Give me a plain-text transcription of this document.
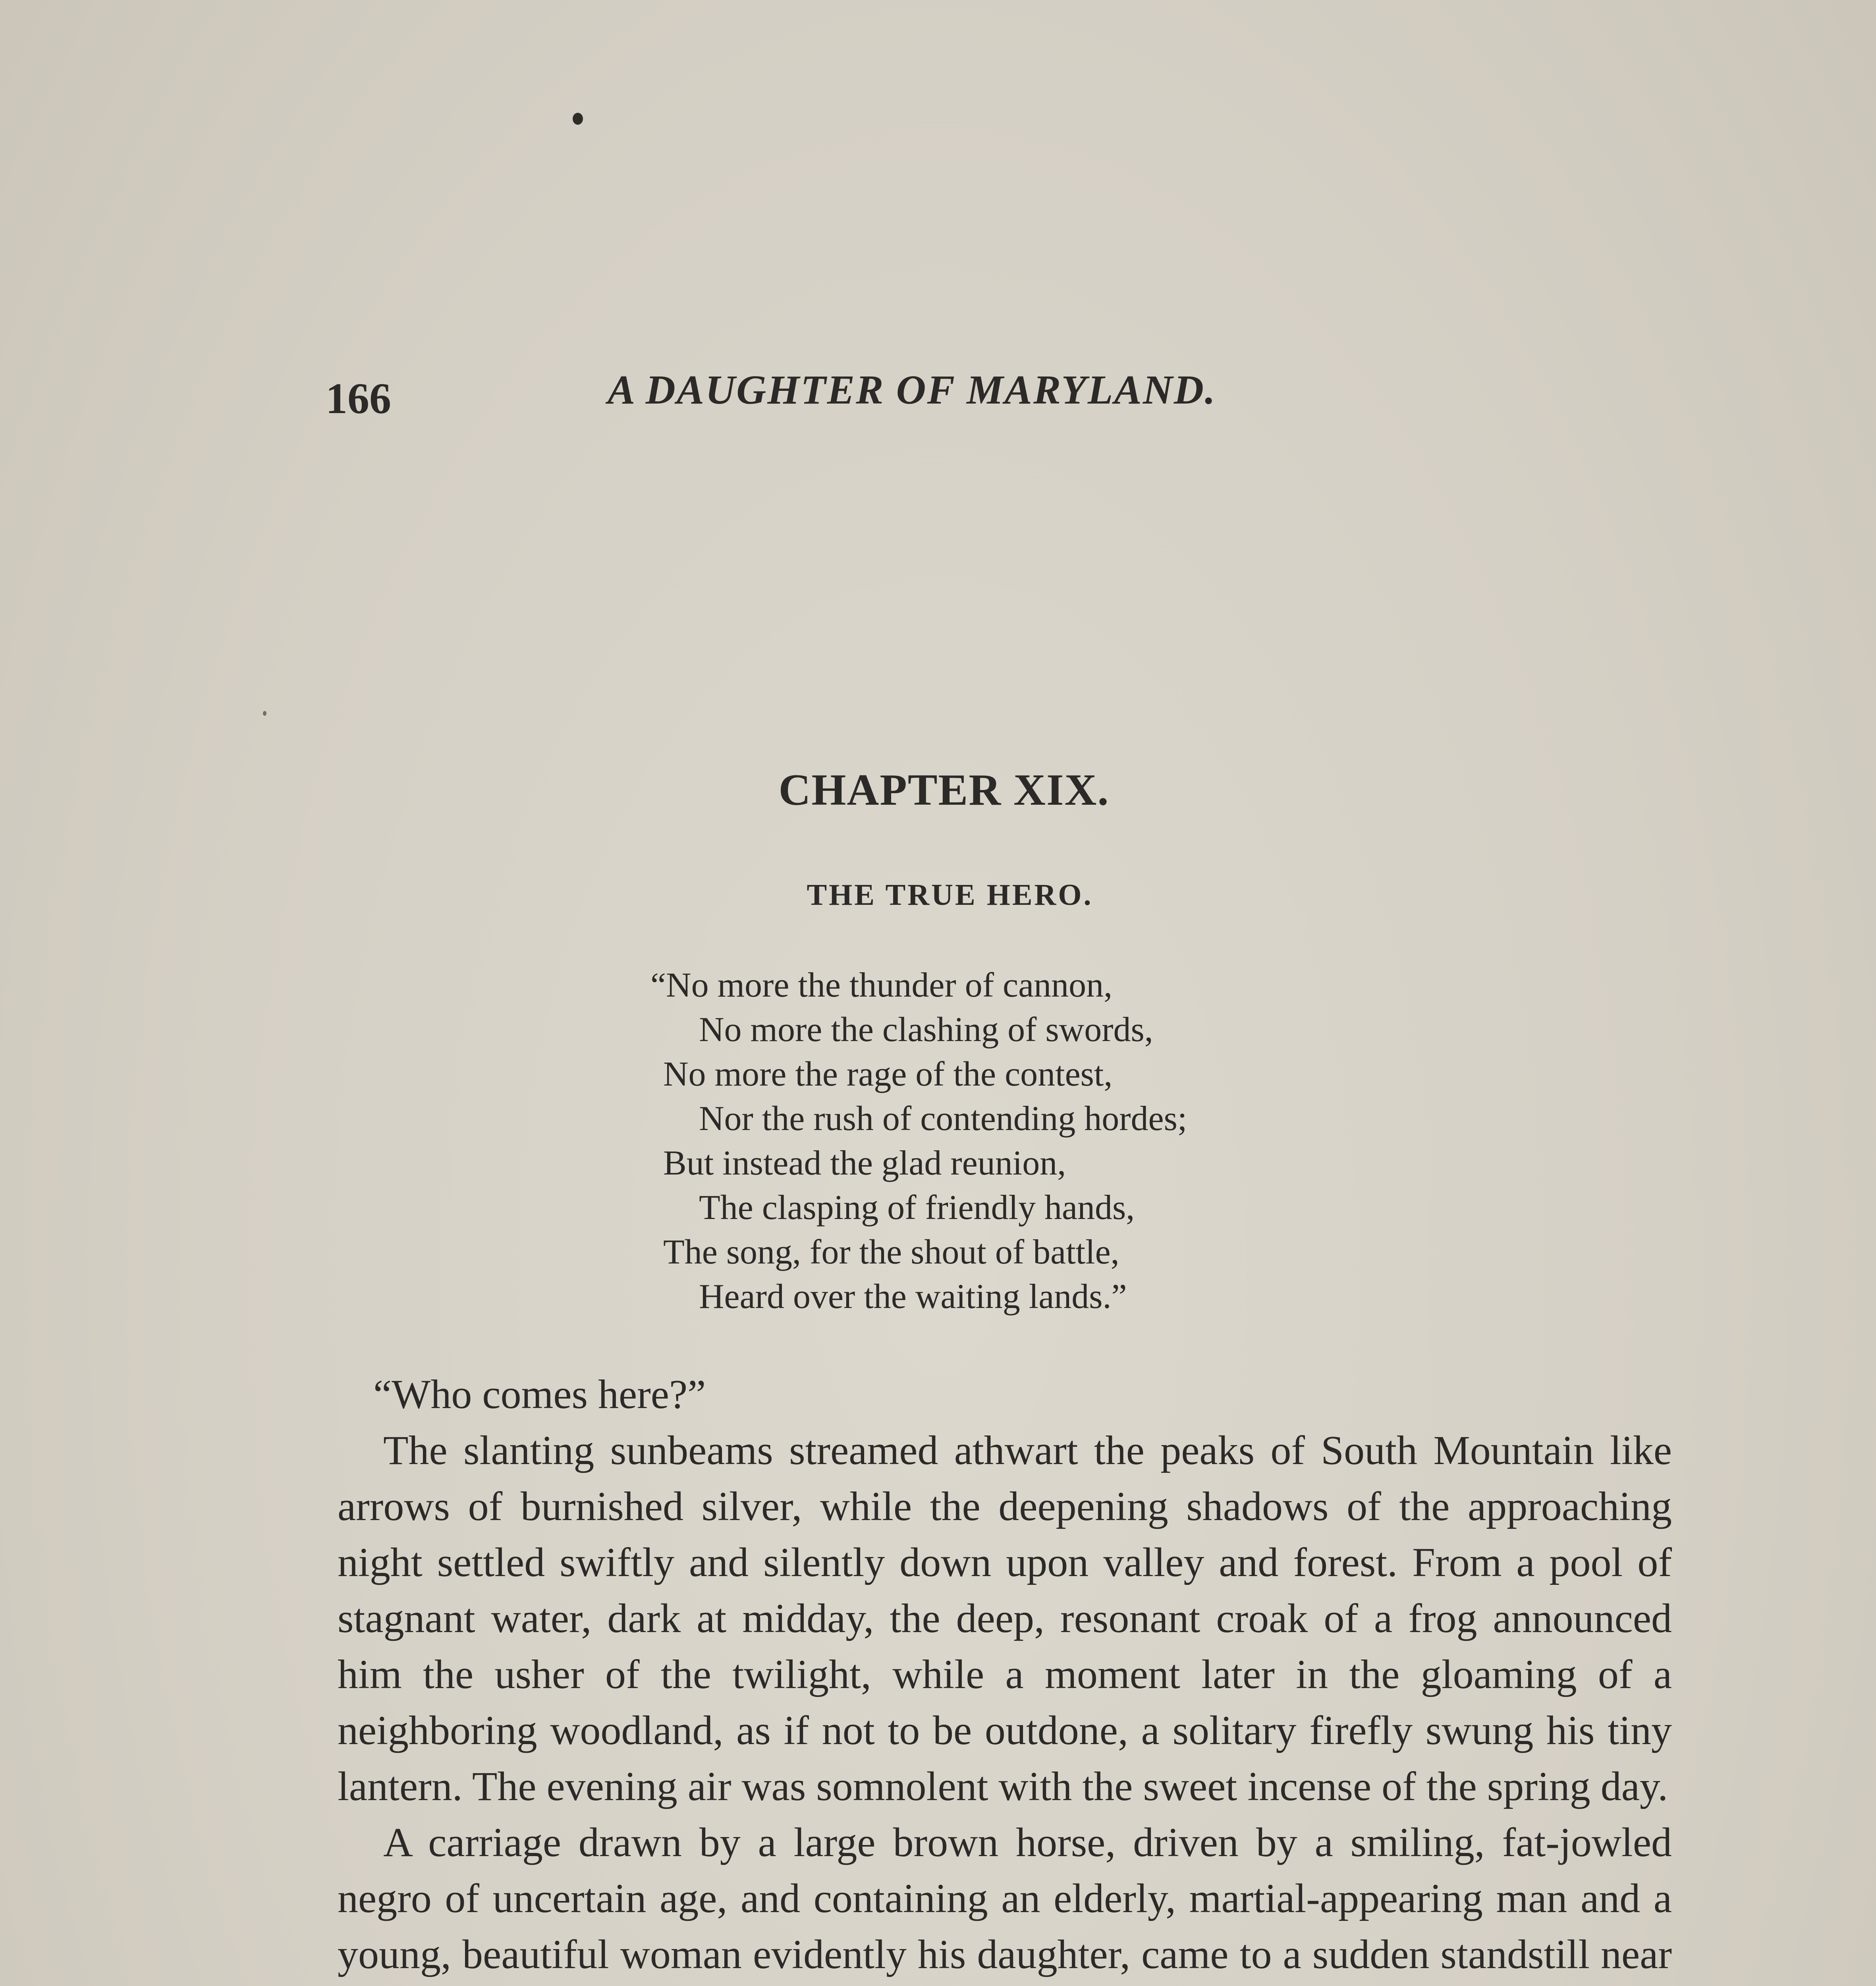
166	A DAUGHTER OF MARYLAND.
CHAPTER XIX.
THE TRUE HERO.
“No more the thunder of cannon,
No more the clashing of swords,
No more the rage of the contest,
Nor the rush of contending hordes;
But instead the glad reunion,
The clasping of friendly hands,
The song, for the shout of battle,
Heard over the waiting lands.”

“Who comes here?”

The slanting sunbeams streamed athwart the peaks of South Mountain like arrows of burnished silver, while the deepening shadows of the approaching night settled swiftly and silently down upon valley and forest. From a pool of stagnant water, dark at midday, the deep, resonant croak of a frog announced him the usher of the twilight, while a moment later in the gloaming of a neighboring woodland, as if not to be outdone, a solitary firefly swung his tiny lantern. The evening air was somnolent with the sweet incense of the spring day.

A carriage drawn by a large brown horse, driven by a smiling, fat-jowled negro of uncertain age, and containing an elderly, martial-appearing man and a young, beautiful woman evidently his daughter, came to a sudden standstill near
